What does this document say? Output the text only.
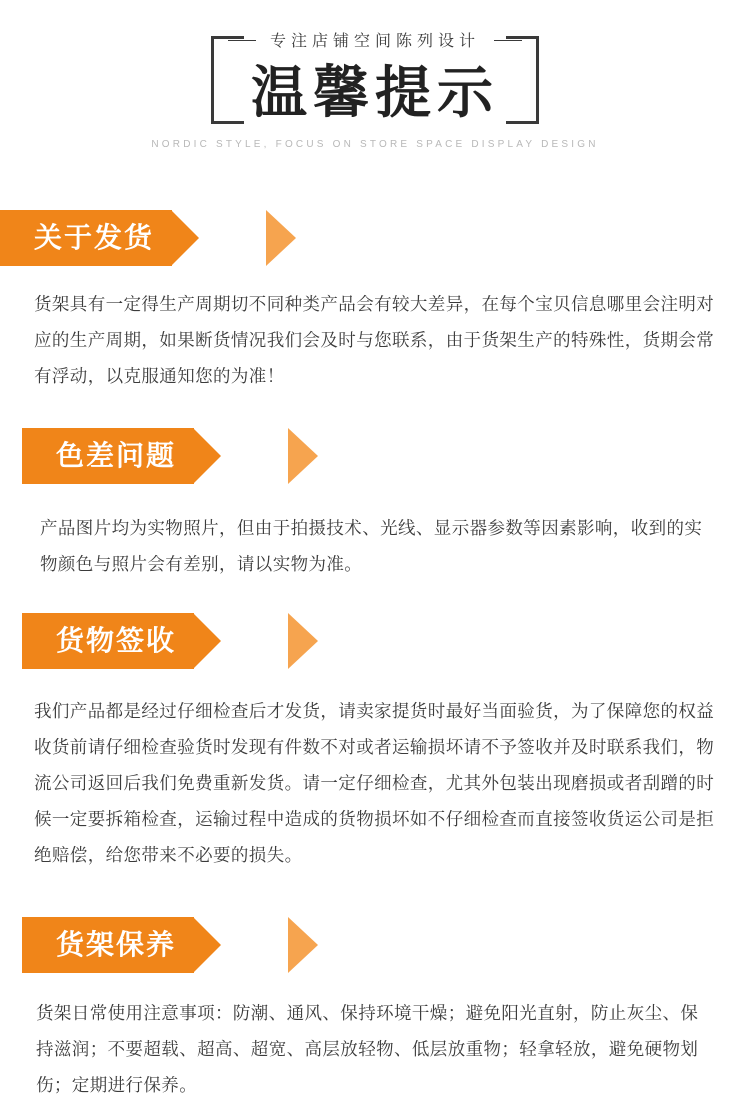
专注店铺空间陈列设计
温馨提示
NORDIC STYLE, FOCUS ON STORE SPACE DISPLAY DESIGN
关于发货
货架具有一定得生产周期切不同种类产品会有较大差异，在每个宝贝信息哪里会注明对应的生产周期，如果断货情况我们会及时与您联系，由于货架生产的特殊性，货期会常有浮动，以克服通知您的为准！
色差问题
产品图片均为实物照片，但由于拍摄技术、光线、显示器参数等因素影响，收到的实物颜色与照片会有差别，请以实物为准。
货物签收
我们产品都是经过仔细检查后才发货，请卖家提货时最好当面验货，为了保障您的权益收货前请仔细检查验货时发现有件数不对或者运输损坏请不予签收并及时联系我们，物流公司返回后我们免费重新发货。请一定仔细检查，尤其外包装出现磨损或者刮蹭的时候一定要拆箱检查，运输过程中造成的货物损坏如不仔细检查而直接签收货运公司是拒绝赔偿，给您带来不必要的损失。
货架保养
货架日常使用注意事项：防潮、通风、保持环境干燥；避免阳光直射，防止灰尘、保持滋润；不要超载、超高、超宽、高层放轻物、低层放重物；轻拿轻放，避免硬物划伤；定期进行保养。
